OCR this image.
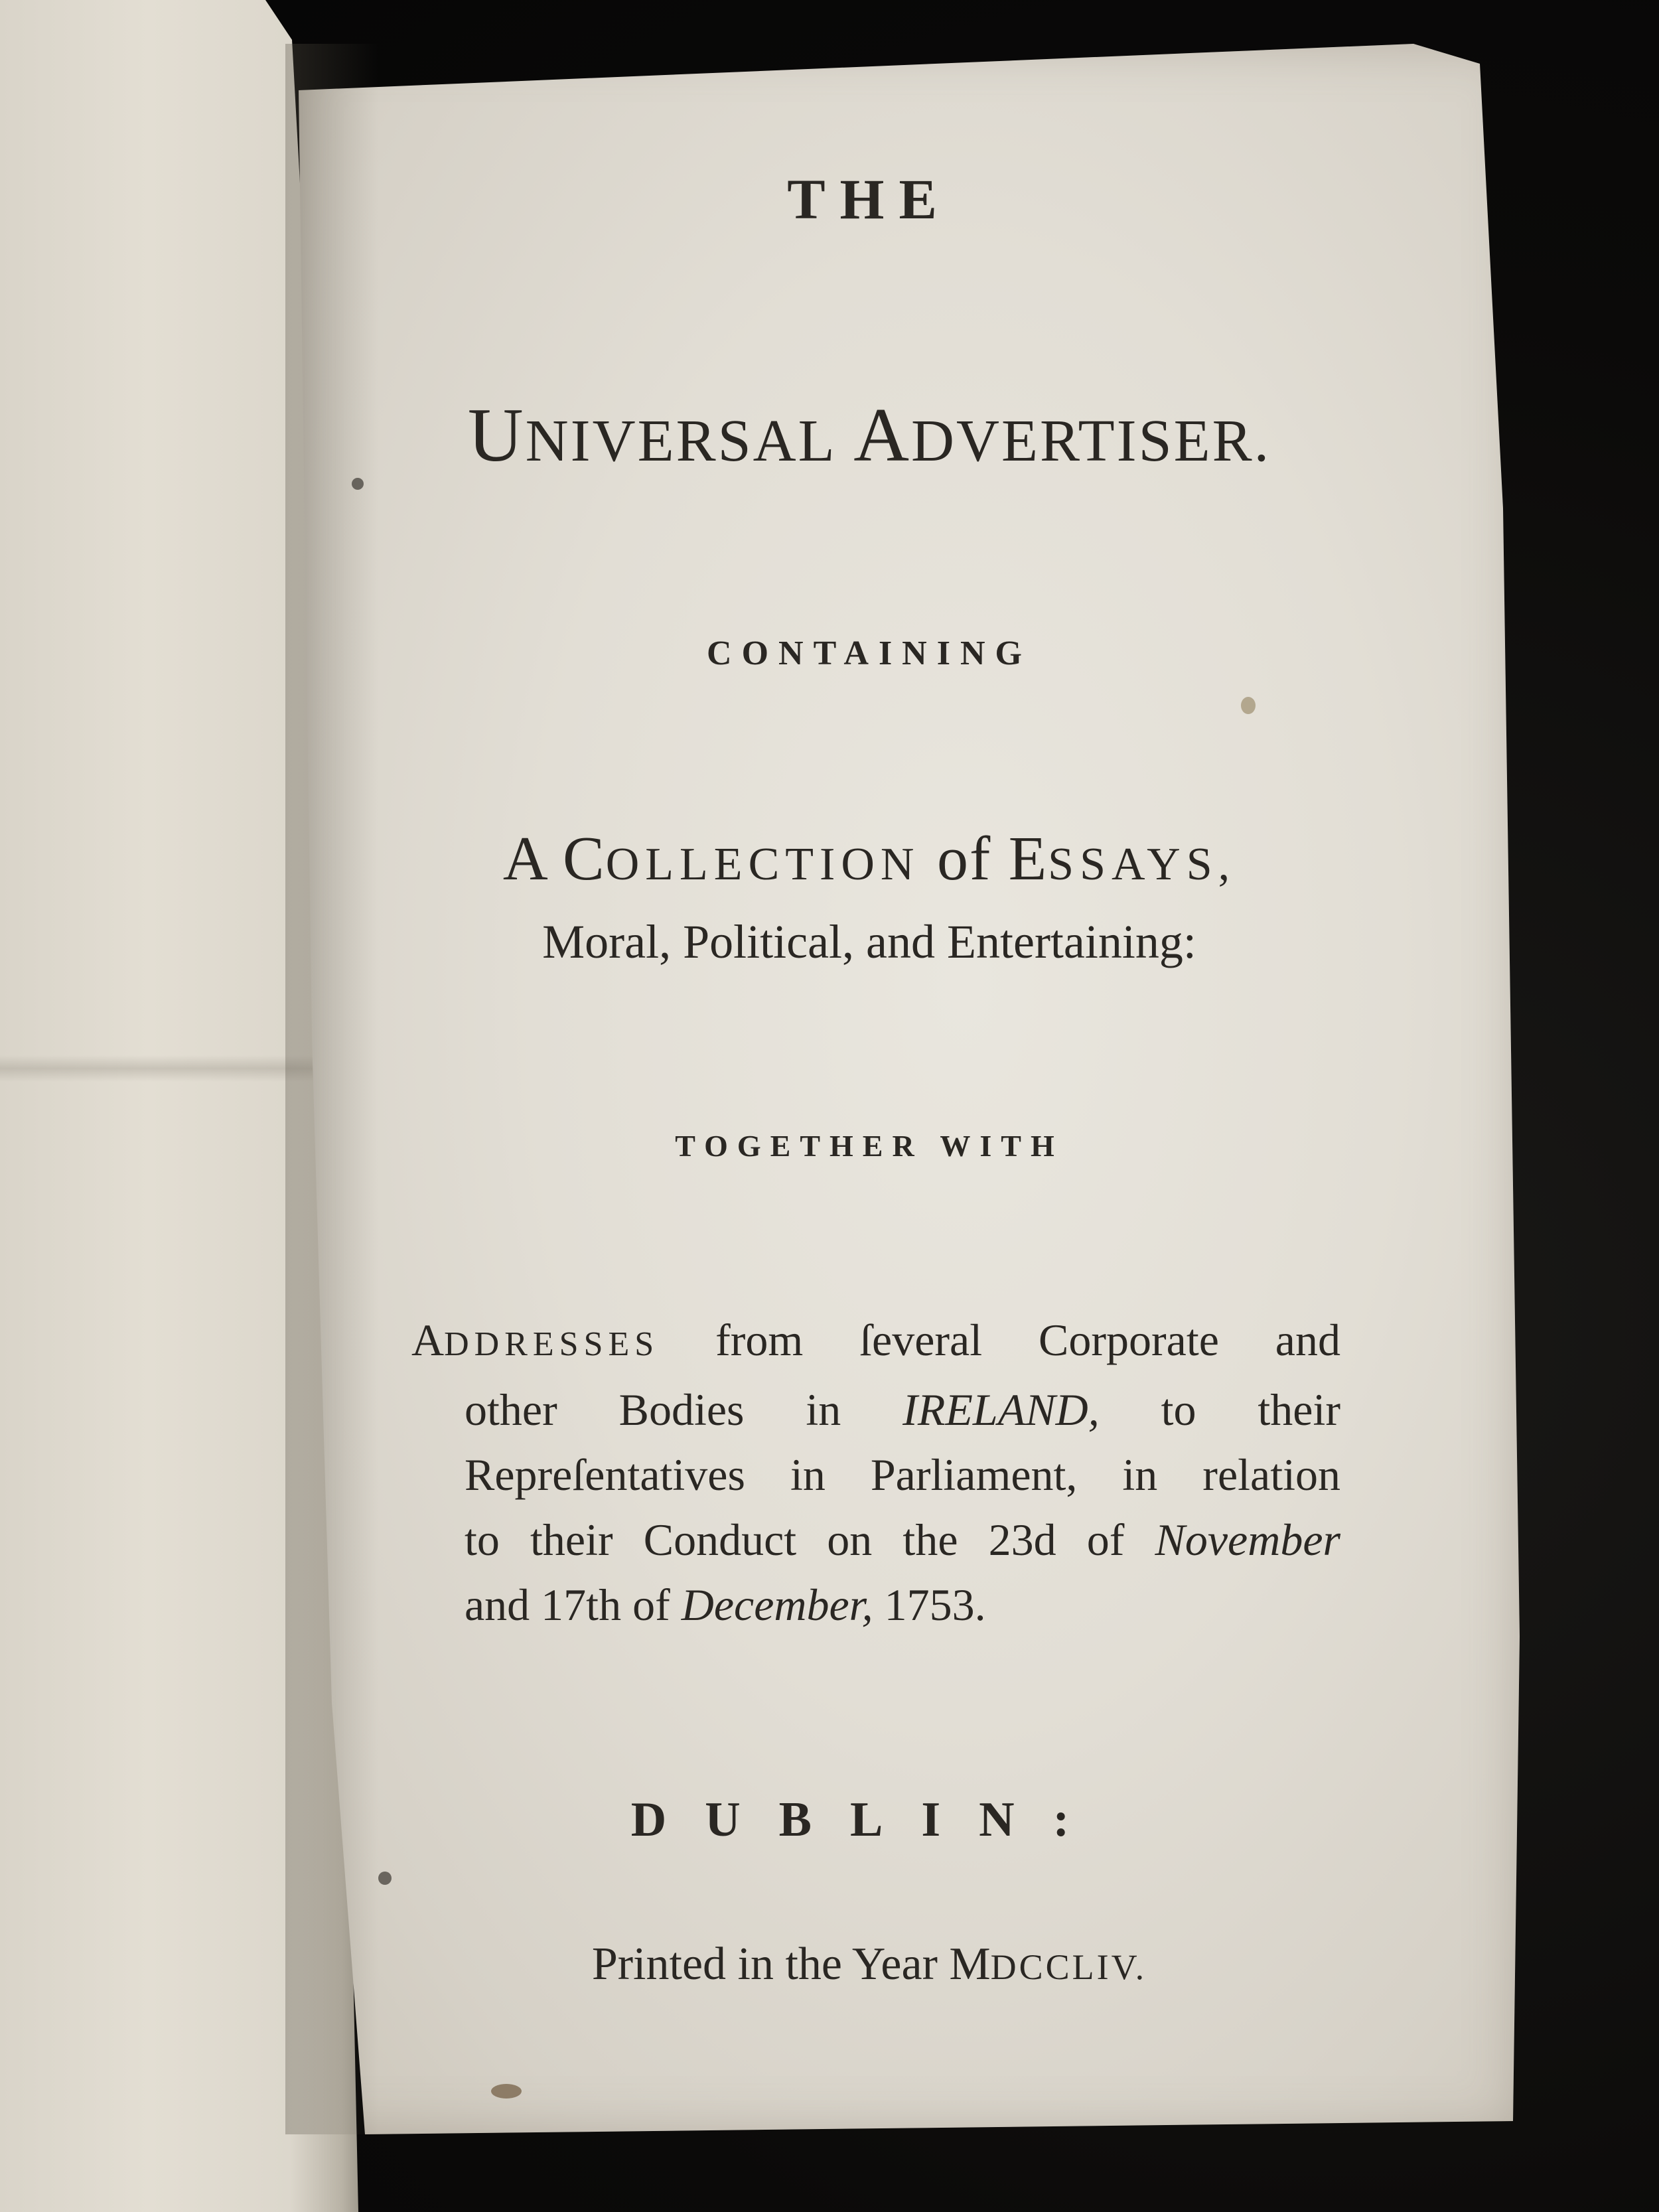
THE
UNIVERSAL ADVERTISER.
CONTAINING
A COLLECTION of ESSAYS,
Moral, Political, and Entertaining:
TOGETHER WITH
ADDRESSES from ſeveral Corporate and
other Bodies in IRELAND, to their
Repreſentatives in Parliament, in relation
to their Conduct on the 23d of November
and 17th of December, 1753.
DUBLIN:
Printed in the Year MDCCLIV.
